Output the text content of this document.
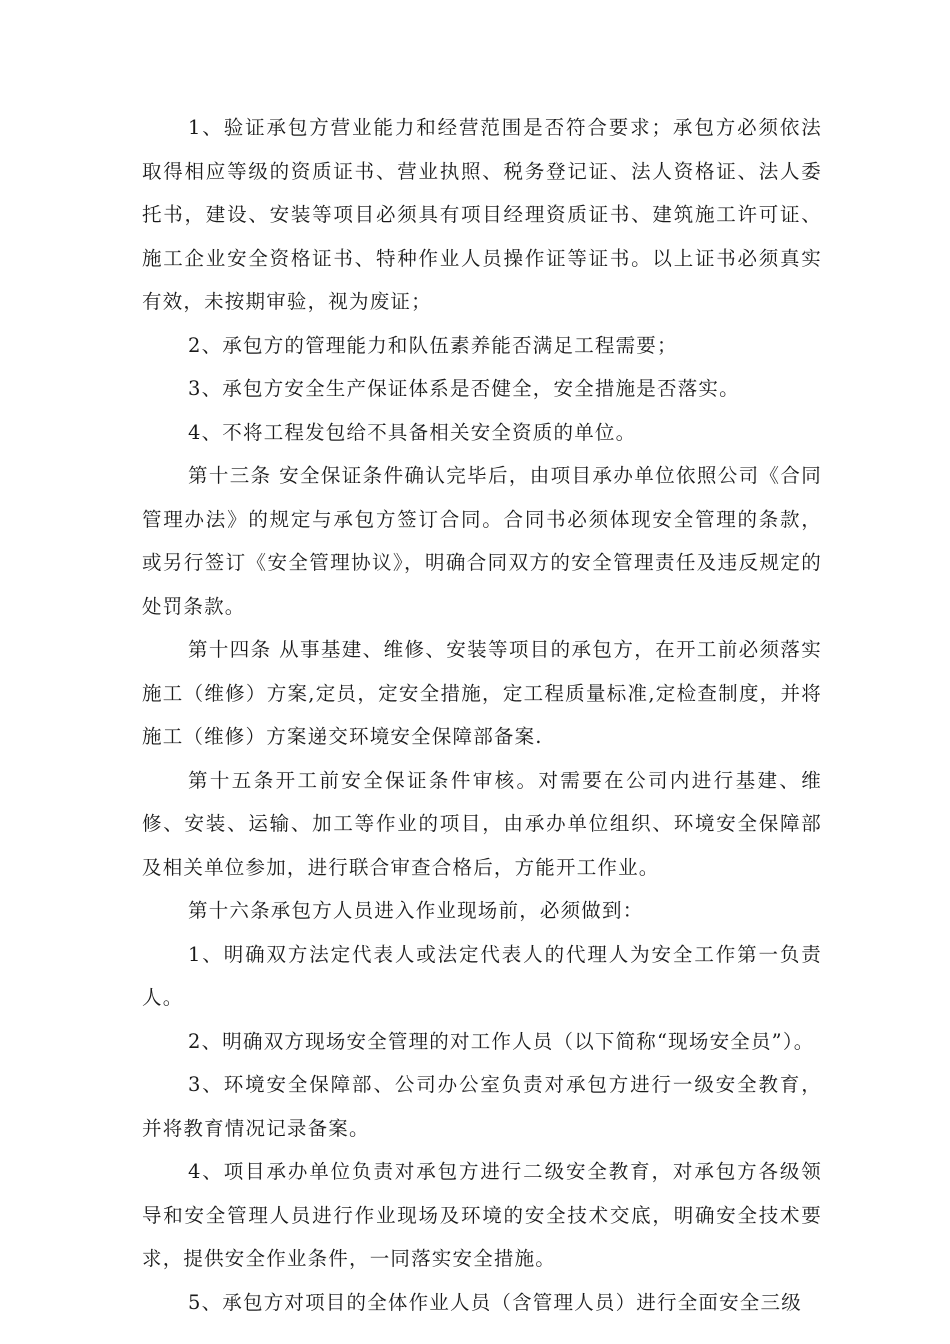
1、验证承包方营业能力和经营范围是否符合要求；承包方必须依法取得相应等级的资质证书、营业执照、税务登记证、法人资格证、法人委托书，建设、安装等项目必须具有项目经理资质证书、建筑施工许可证、施工企业安全资格证书、特种作业人员操作证等证书。以上证书必须真实有效，未按期审验，视为废证；

2、承包方的管理能力和队伍素养能否满足工程需要；

3、承包方安全生产保证体系是否健全，安全措施是否落实。

4、不将工程发包给不具备相关安全资质的单位。

第十三条 安全保证条件确认完毕后，由项目承办单位依照公司《合同管理办法》的规定与承包方签订合同。合同书必须体现安全管理的条款，或另行签订《安全管理协议》，明确合同双方的安全管理责任及违反规定的处罚条款。

第十四条 从事基建、维修、安装等项目的承包方，在开工前必须落实施工（维修）方案,定员，定安全措施，定工程质量标准,定检查制度，并将施工（维修）方案递交环境安全保障部备案.

第十五条开工前安全保证条件审核。对需要在公司内进行基建、维修、安装、运输、加工等作业的项目，由承办单位组织、环境安全保障部及相关单位参加，进行联合审查合格后，方能开工作业。

第十六条承包方人员进入作业现场前，必须做到：

1、明确双方法定代表人或法定代表人的代理人为安全工作第一负责人。

2、明确双方现场安全管理的对工作人员（以下简称“现场安全员”）。

3、环境安全保障部、公司办公室负责对承包方进行一级安全教育，并将教育情况记录备案。

4、项目承办单位负责对承包方进行二级安全教育，对承包方各级领导和安全管理人员进行作业现场及环境的安全技术交底，明确安全技术要求，提供安全作业条件，一同落实安全措施。

5、承包方对项目的全体作业人员（含管理人员）进行全面安全三级
